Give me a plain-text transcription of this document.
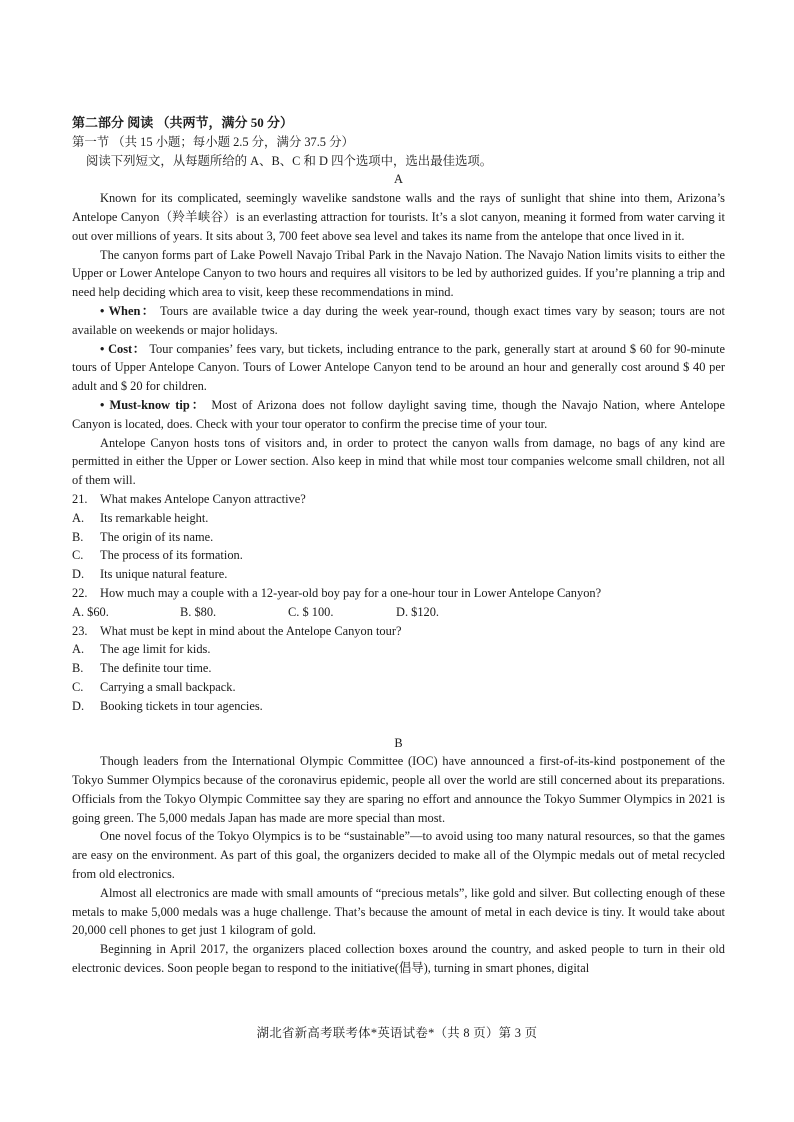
第二部分 阅读 （共两节，满分 50 分）

第一节 （共 15 小题；每小题 2.5 分，满分 37.5 分）

阅读下列短文，从每题所给的 A、B、C 和 D 四个选项中，选出最佳选项。

A

Known for its complicated, seemingly wavelike sandstone walls and the rays of sunlight that shine into them, Arizona’s Antelope Canyon（羚羊峡谷）is an everlasting attraction for tourists. It’s a slot canyon, meaning it formed from water carving it out over millions of years. It sits about 3, 700 feet above sea level and takes its name from the antelope that once lived in it.

The canyon forms part of Lake Powell Navajo Tribal Park in the Navajo Nation. The Navajo Nation limits visits to either the Upper or Lower Antelope Canyon to two hours and requires all visitors to be led by authorized guides. If you’re planning a trip and need help deciding which area to visit, keep these recommendations in mind.

• When： Tours are available twice a day during the week year-round, though exact times vary by season; tours are not available on weekends or major holidays.

• Cost： Tour companies’ fees vary, but tickets, including entrance to the park, generally start at around $ 60 for 90-minute tours of Upper Antelope Canyon. Tours of Lower Antelope Canyon tend to be around an hour and generally cost around $ 40 per adult and $ 20 for children.

• Must-know tip： Most of Arizona does not follow daylight saving time, though the Navajo Nation, where Antelope Canyon is located, does. Check with your tour operator to confirm the precise time of your tour.

Antelope Canyon hosts tons of visitors and, in order to protect the canyon walls from damage, no bags of any kind are permitted in either the Upper or Lower section. Also keep in mind that while most tour companies welcome small children, not all of them will.

21.	What makes Antelope Canyon attractive?
A.	Its remarkable height.
B.	The origin of its name.
C.	The process of its formation.
D.	Its unique natural feature.
22.	How much may a couple with a 12-year-old boy pay for a one-hour tour in Lower Antelope Canyon?
A. $60.	B. $80.	C. $ 100.	D. $120.
23.	What must be kept in mind about the Antelope Canyon tour?
A.	The age limit for kids.
B.	The definite tour time.
C.	Carrying a small backpack.
D.	Booking tickets in tour agencies.

B

Though leaders from the International Olympic Committee (IOC) have announced a first-of-its-kind postponement of the Tokyo Summer Olympics because of the coronavirus epidemic, people all over the world are still concerned about its preparations. Officials from the Tokyo Olympic Committee say they are sparing no effort and announce the Tokyo Summer Olympics in 2021 is going green. The 5,000 medals Japan has made are more special than most.

One novel focus of the Tokyo Olympics is to be “sustainable”—to avoid using too many natural resources, so that the games are easy on the environment. As part of this goal, the organizers decided to make all of the Olympic medals out of metal recycled from old electronics.

Almost all electronics are made with small amounts of “precious metals”, like gold and silver. But collecting enough of these metals to make 5,000 medals was a huge challenge. That’s because the amount of metal in each device is tiny. It would take about 20,000 cell phones to get just 1 kilogram of gold.

Beginning in April 2017, the organizers placed collection boxes around the country, and asked people to turn in their old electronic devices. Soon people began to respond to the initiative(倡导), turning in smart phones, digital

湖北省新高考联考体*英语试卷*（共 8 页）第 3 页
